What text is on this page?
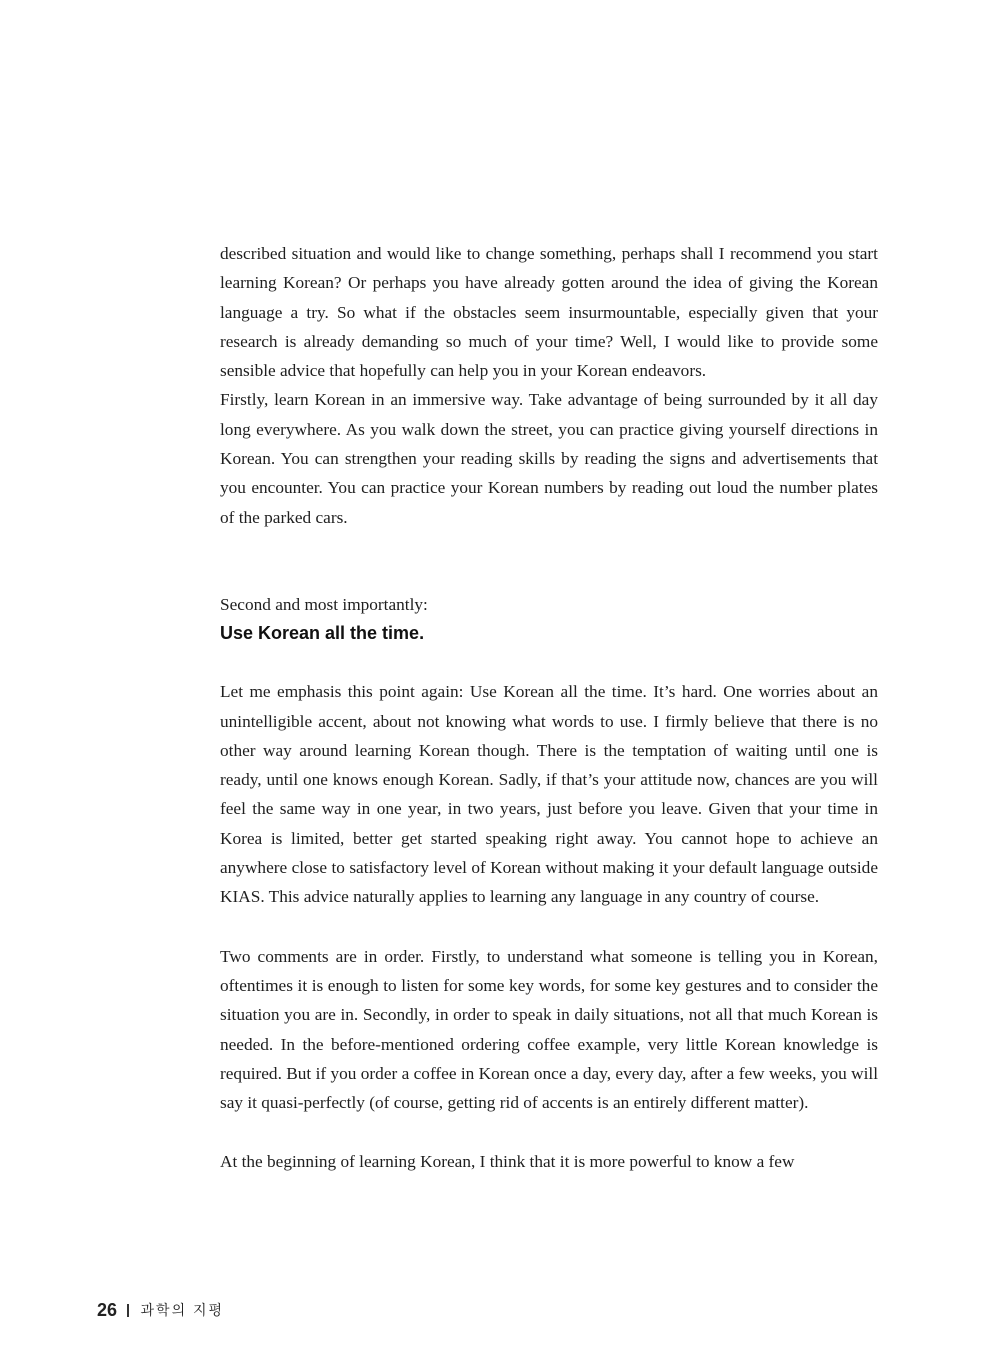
described situation and would like to change something, perhaps shall I recommend you start learning Korean? Or perhaps you have already gotten around the idea of giving the Korean language a try. So what if the obstacles seem insurmountable, especially given that your research is already demanding so much of your time? Well, I would like to provide some sensible advice that hopefully can help you in your Korean endeavors.

Firstly, learn Korean in an immersive way. Take advantage of being surrounded by it all day long everywhere. As you walk down the street, you can practice giving yourself directions in Korean. You can strengthen your reading skills by reading the signs and advertisements that you encounter. You can practice your Korean numbers by reading out loud the number plates of the parked cars.

Second and most importantly:

Use Korean all the time.

Let me emphasis this point again: Use Korean all the time. It’s hard. One worries about an unintelligible accent, about not knowing what words to use. I firmly believe that there is no other way around learning Korean though. There is the temptation of waiting until one is ready, until one knows enough Korean. Sadly, if that’s your attitude now, chances are you will feel the same way in one year, in two years, just before you leave. Given that your time in Korea is limited, better get started speaking right away. You cannot hope to achieve an anywhere close to satisfactory level of Korean without making it your default language outside KIAS. This advice naturally applies to learning any language in any country of course.

Two comments are in order. Firstly, to understand what someone is telling you in Korean, oftentimes it is enough to listen for some key words, for some key gestures and to consider the situation you are in. Secondly, in order to speak in daily situations, not all that much Korean is needed. In the before-mentioned ordering coffee example, very little Korean knowledge is required. But if you order a coffee in Korean once a day, every day, after a few weeks, you will say it quasi-perfectly (of course, getting rid of accents is an entirely different matter).

At the beginning of learning Korean, I think that it is more powerful to know a few

26 과학의 지평
